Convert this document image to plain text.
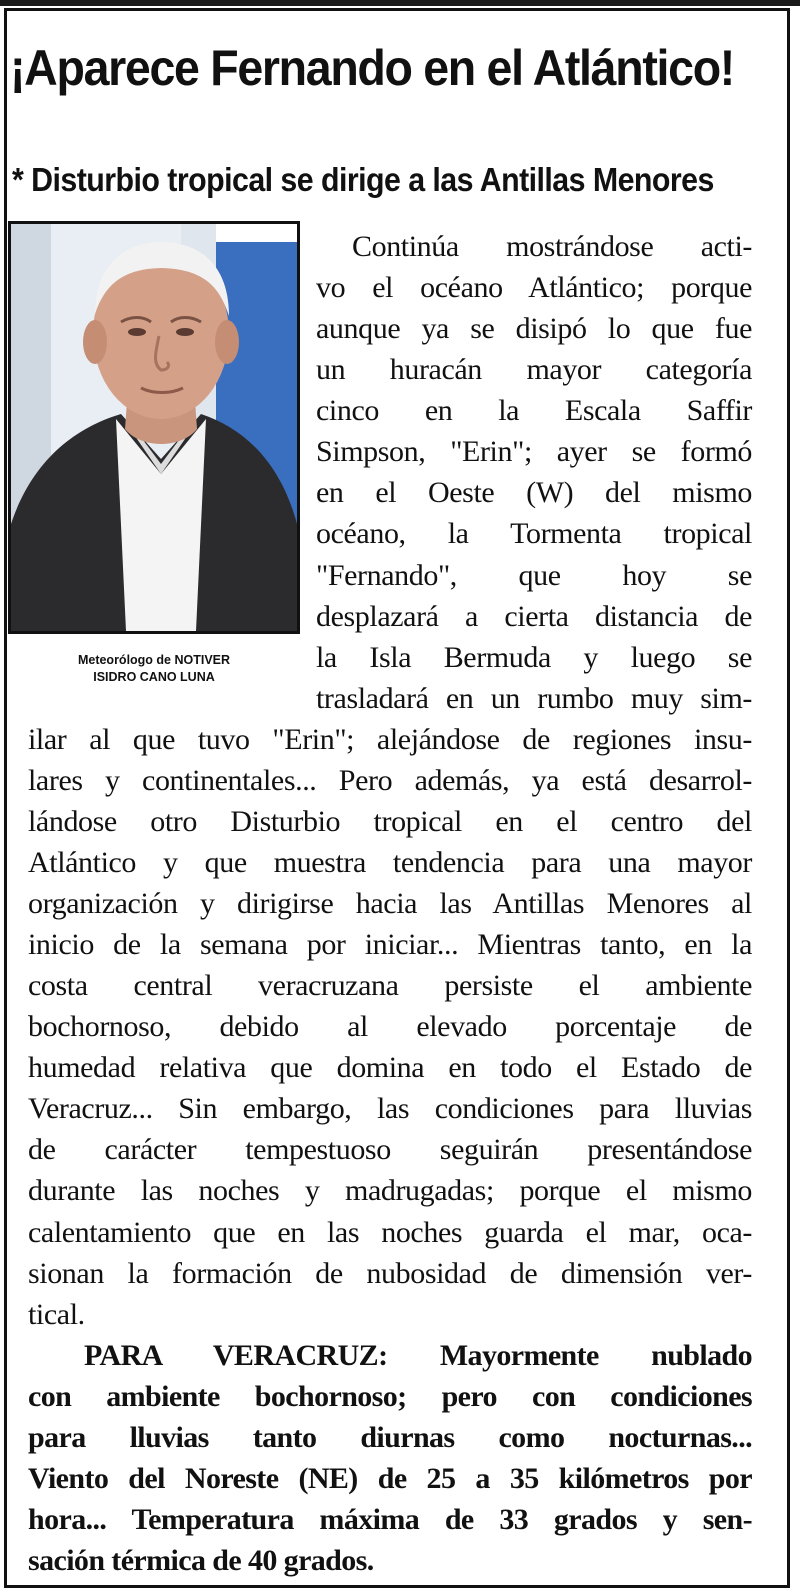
¡Aparece Fernando en el Atlántico!
* Disturbio tropical se dirige a las Antillas Menores
Meteorólogo de NOTIVER
ISIDRO CANO LUNA
Continúa mostrándose acti-
vo el océano Atlántico; porque
aunque ya se disipó lo que fue
un huracán mayor categoría
cinco en la Escala Saffir
Simpson, "Erin"; ayer se formó
en el Oeste (W) del mismo
océano, la Tormenta tropical
"Fernando", que hoy se
desplazará a cierta distancia de
la Isla Bermuda y luego se
trasladará en un rumbo muy sim-
ilar al que tuvo "Erin"; alejándose de regiones insu-
lares y continentales... Pero además, ya está desarrol-
lándose otro Disturbio tropical en el centro del
Atlántico y que muestra tendencia para una mayor
organización y dirigirse hacia las Antillas Menores al
inicio de la semana por iniciar... Mientras tanto, en la
costa central veracruzana persiste el ambiente
bochornoso, debido al elevado porcentaje de
humedad relativa que domina en todo el Estado de
Veracruz... Sin embargo, las condiciones para lluvias
de carácter tempestuoso seguirán presentándose
durante las noches y madrugadas; porque el mismo
calentamiento que en las noches guarda el mar, oca-
sionan la formación de nubosidad de dimensión ver-
tical.
PARA VERACRUZ: Mayormente nublado
con ambiente bochornoso; pero con condiciones
para lluvias tanto diurnas como nocturnas...
Viento del Noreste (NE) de 25 a 35 kilómetros por
hora... Temperatura máxima de 33 grados y sen-
sación térmica de 40 grados.
